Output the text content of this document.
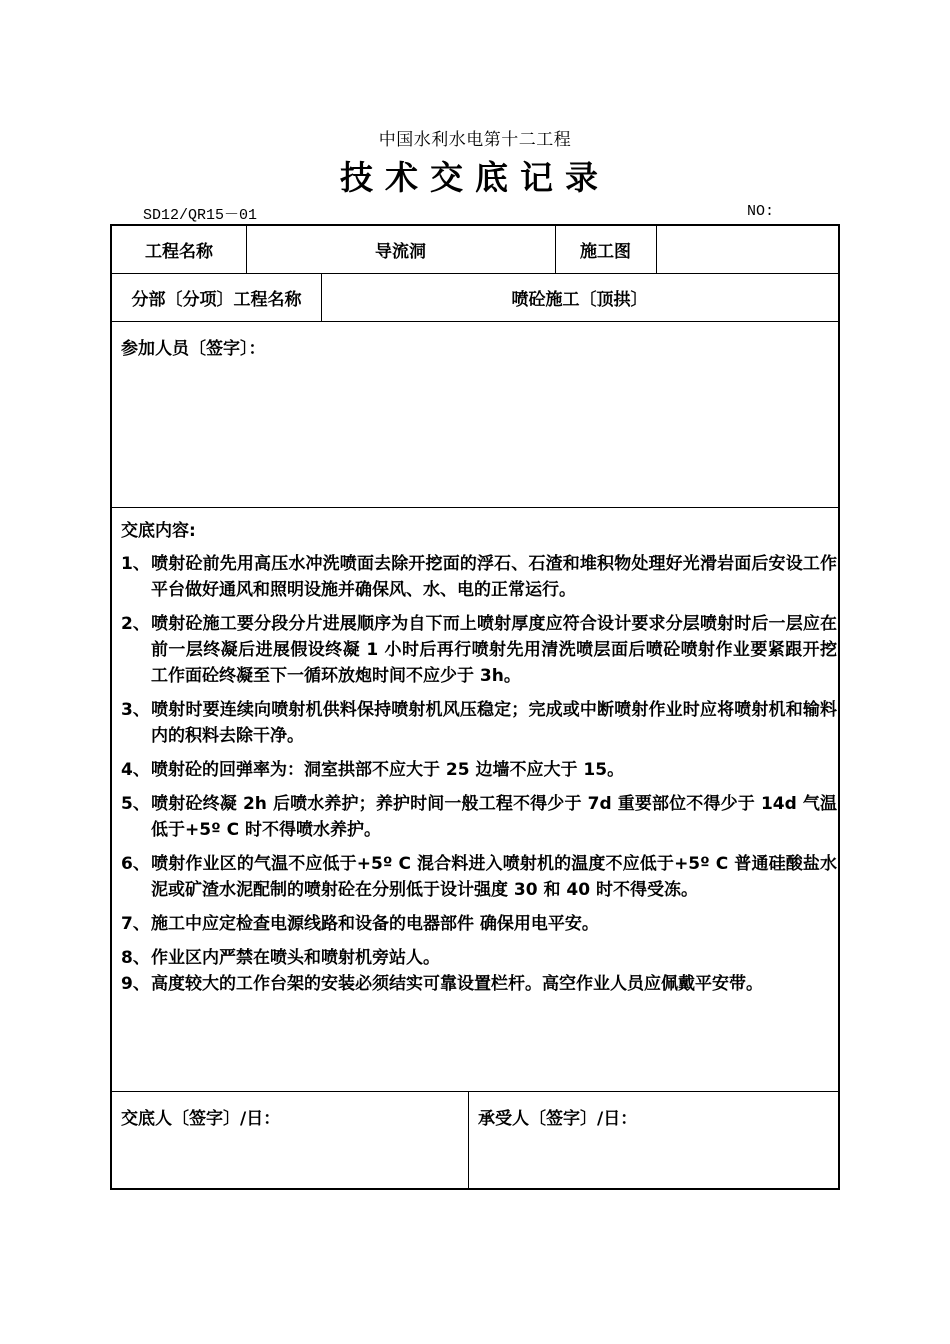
中国水利水电第十二工程
技术交底记录
SD12/QR15－01	NO:
工程名称	导流洞	施工图
分部〔分项〕工程名称	喷砼施工〔顶拱〕
参加人员〔签字〕：
交底内容:
1、喷射砼前先用高压水冲洗喷面去除开挖面的浮石、石渣和堆积物处理好光滑岩面后安设工作平台做好通风和照明设施并确保风、水、电的正常运行。
2、喷射砼施工要分段分片进展顺序为自下而上喷射厚度应符合设计要求分层喷射时后一层应在前一层终凝后进展假设终凝 1 小时后再行喷射先用清洗喷层面后喷砼喷射作业要紧跟开挖工作面砼终凝至下一循环放炮时间不应少于 3h。
3、喷射时要连续向喷射机供料保持喷射机风压稳定；完成或中断喷射作业时应将喷射机和输料内的积料去除干净。
4、喷射砼的回弹率为：洞室拱部不应大于 25 边墙不应大于 15。
5、喷射砼终凝 2h 后喷水养护；养护时间一般工程不得少于 7d 重要部位不得少于 14d 气温低于+5º C 时不得喷水养护。
6、喷射作业区的气温不应低于+5º C 混合料进入喷射机的温度不应低于+5º C 普通硅酸盐水泥或矿渣水泥配制的喷射砼在分别低于设计强度 30 和 40 时不得受冻。
7、施工中应定检查电源线路和设备的电器部件 确保用电平安。
8、作业区内严禁在喷头和喷射机旁站人。
9、高度较大的工作台架的安装必须结实可靠设置栏杆。高空作业人员应佩戴平安带。
交底人〔签字〕/日：	承受人〔签字〕/日：
